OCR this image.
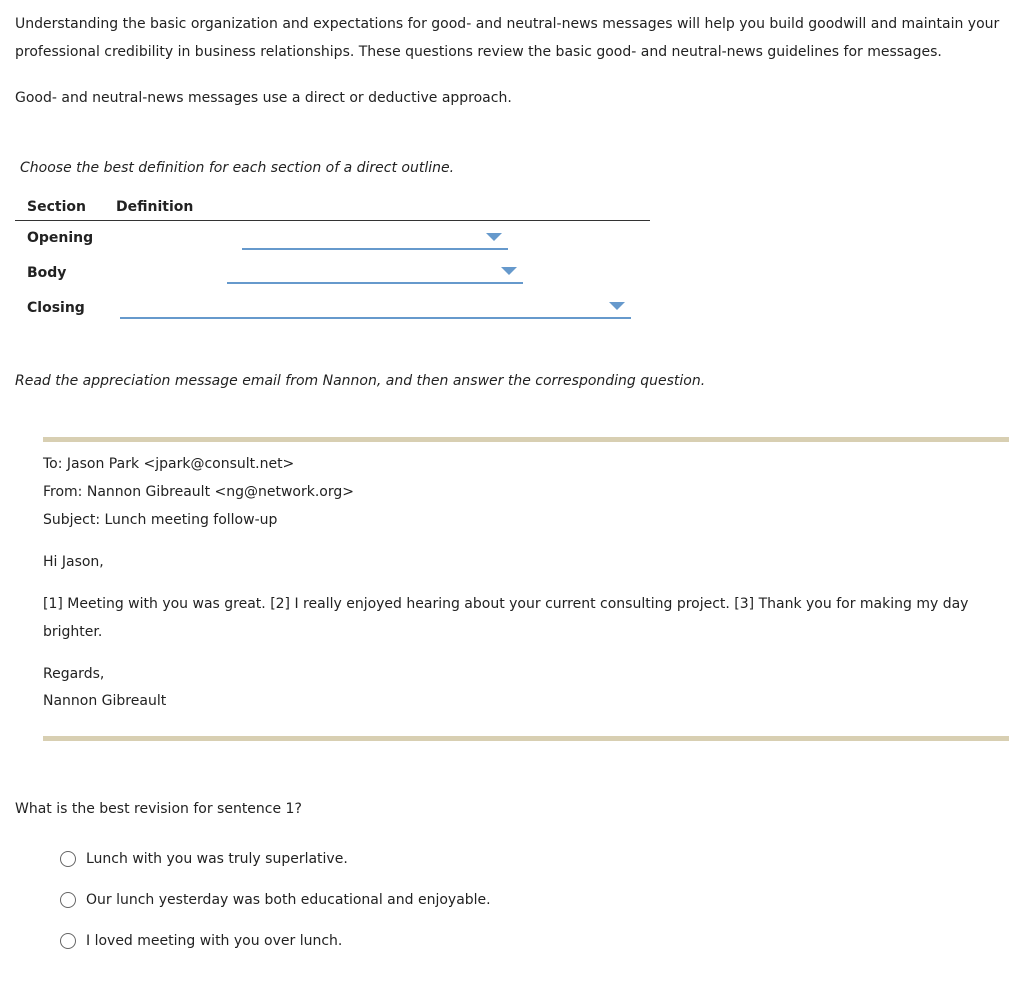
Understanding the basic organization and expectations for good- and neutral-news messages will help you build goodwill and maintain your professional credibility in business relationships. These questions review the basic good- and neutral-news guidelines for messages.
Good- and neutral-news messages use a direct or deductive approach.
Choose the best definition for each section of a direct outline.
Section Definition
Opening
Body
Closing
Read the appreciation message email from Nannon, and then answer the corresponding question.
To: Jason Park <jpark@consult.net>
From: Nannon Gibreault <ng@network.org>
Subject: Lunch meeting follow-up
Hi Jason,
[1] Meeting with you was great. [2] I really enjoyed hearing about your current consulting project. [3] Thank you for making my day brighter.
Regards,
Nannon Gibreault
What is the best revision for sentence 1?
Lunch with you was truly superlative.
Our lunch yesterday was both educational and enjoyable.
I loved meeting with you over lunch.
